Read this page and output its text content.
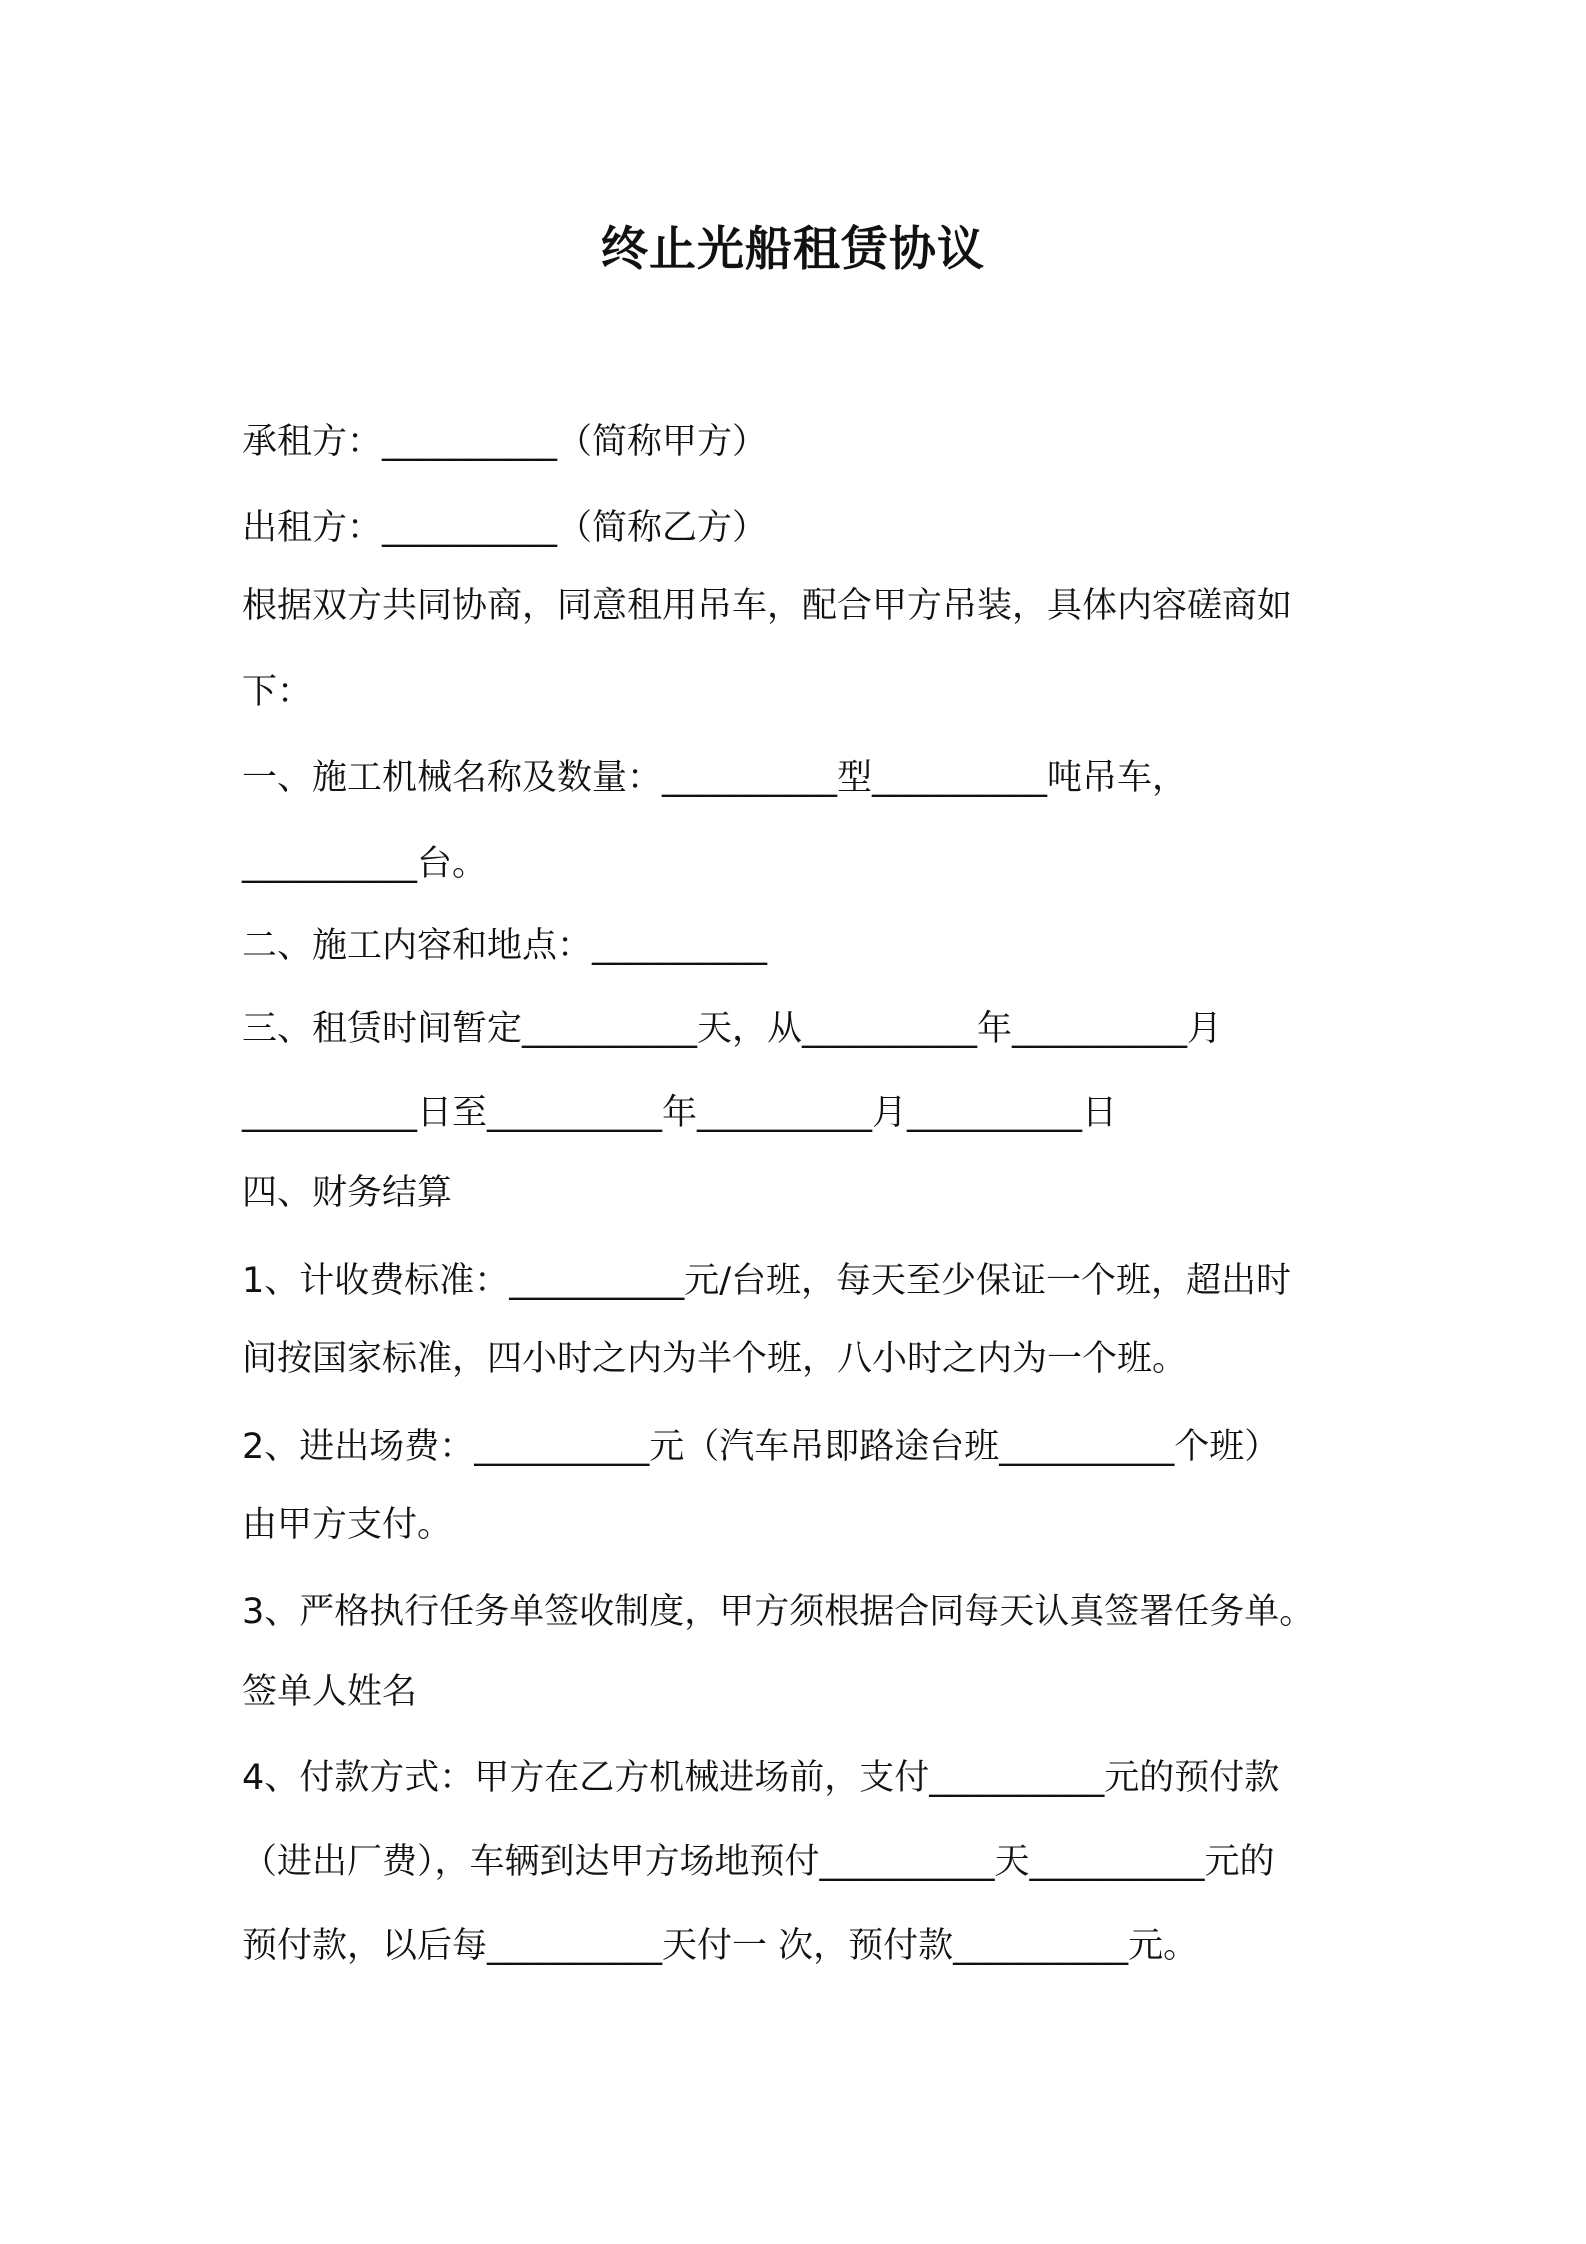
终止光船租赁协议
承租方：__________（简称甲方）
出租方：__________（简称乙方）
根据双方共同协商，同意租用吊车，配合甲方吊装，具体内容磋商如
下：
一、施工机械名称及数量：__________型__________吨吊车，
__________台。
二、施工内容和地点：__________
三、租赁时间暂定__________天，从__________年__________月
__________日至__________年__________月__________日
四、财务结算
1、计收费标准：__________元/台班，每天至少保证一个班，超出时
间按国家标准，四小时之内为半个班，八小时之内为一个班。
2、进出场费：__________元（汽车吊即路途台班__________个班）
由甲方支付。
3、严格执行任务单签收制度，甲方须根据合同每天认真签署任务单。
签单人姓名
4、付款方式：甲方在乙方机械进场前，支付__________元的预付款
（进出厂费），车辆到达甲方场地预付__________天__________元的
预付款，以后每__________天付一 次，预付款__________元。
